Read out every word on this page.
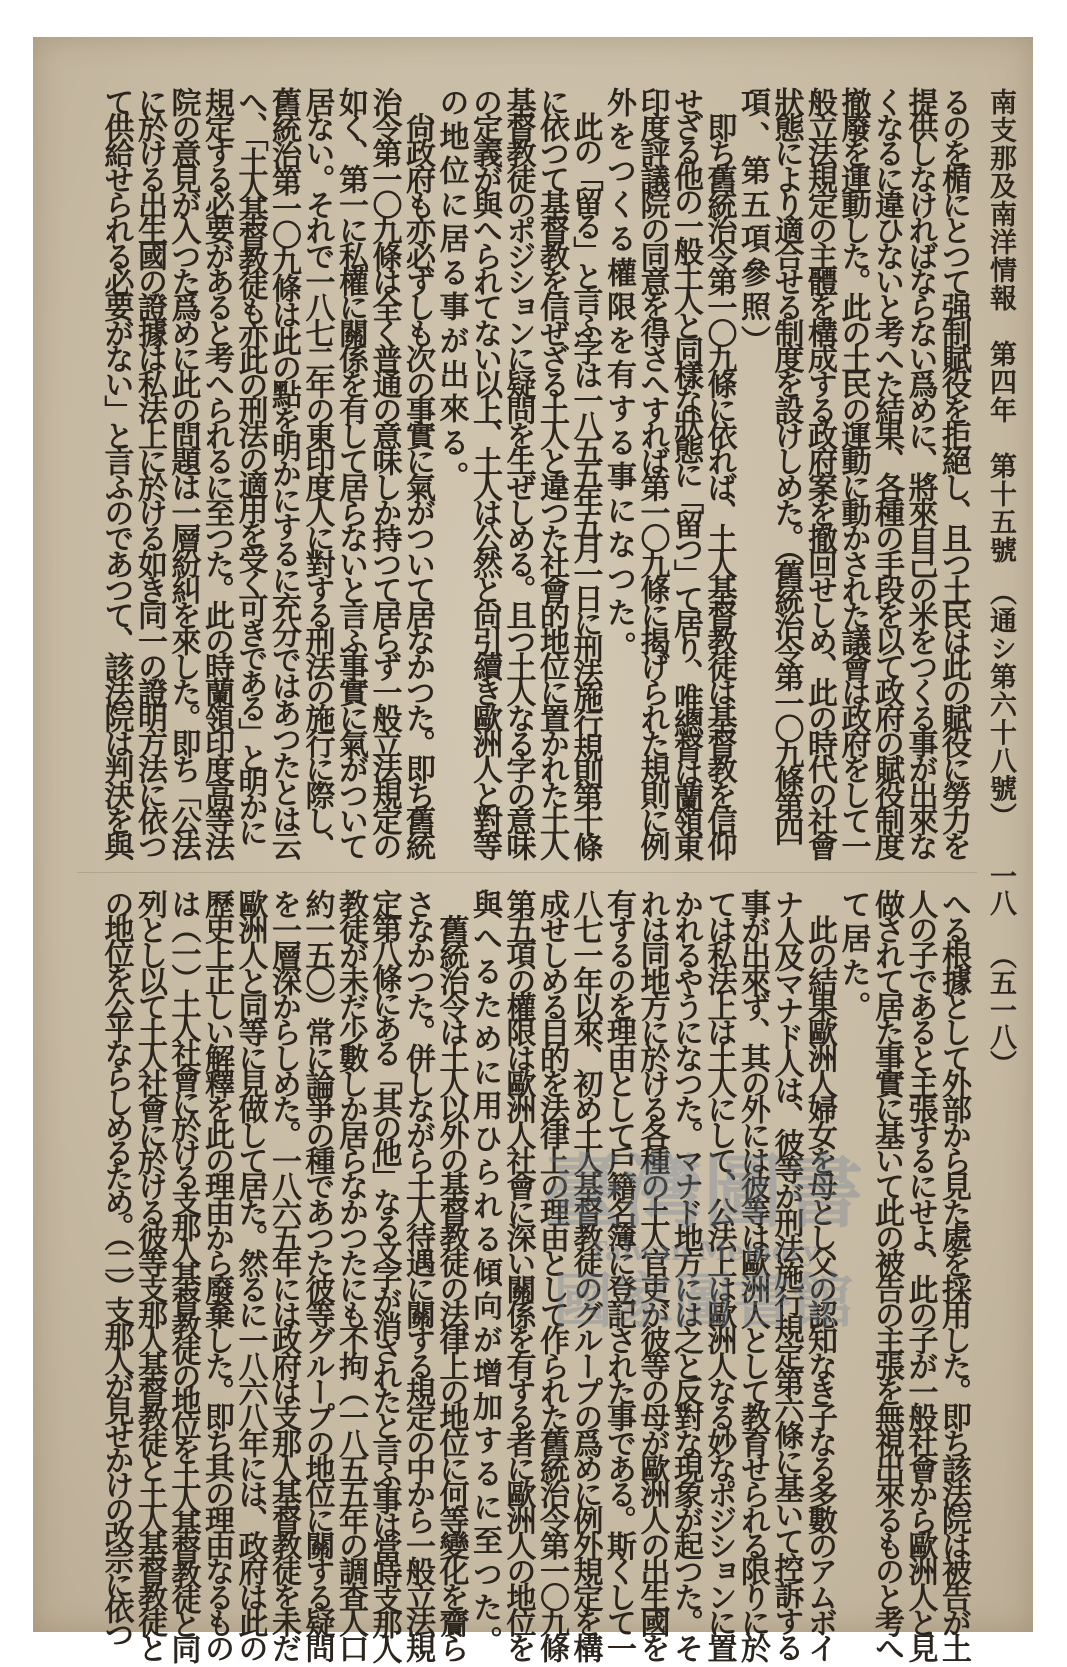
南支那及南洋情報　第四年　第十五號　（通シ第六十八號）
一八
（五一八）
るのを楯にとつて强制賦役を拒絕し、且つ土民は此の賦役に勞力を
提供しなければならない爲めに、將來自己の米をつくる事が出來な
くなるに違ひないと考へた結果、各種の手段を以て政府の賦役制度
撤廢を運動した。此の土民の運動に動かされた議會は政府をして一
般立法規定の主體を構成する政府案を撤回せしめ、此の時代の社會
狀態により適合せる制度を設けしめた。（舊統治令第一〇九條第四
項、第五項參照）
　即ち舊統治令第一〇九條に依れば、土人基督教徒は基督教を信仰
せざる他の一般土人と同樣な狀態に「留つ」て居り、唯總督は蘭領東
印度評議院の同意を得さへすれば第一〇九條に揭げられた規則に例
外をつくる權限を有する事になつた。
　此の「留る」と言ふ字は一八五五年五月一日に刑法施行規則第十條
に依つて基督教を信ぜざる土人と違つた社會的地位に置かれた土人
基督教徒のポジションに疑問を生ぜしめる。且つ土人なる字の意味
の定義が與へられてない以上、土人は公然と尙引續き歐洲人と對等
の地位に居る事が出來る。
　尙政府も亦必ずしも次の事實に氣がついて居なかつた。即ち舊統
治令第一〇九條は全く普通の意味しか持つて居らず一般立法規定の
如く、第一に私權に關係を有して居らないと言ふ事實に氣がついて
居ない。それで一八七二年の東印度人に對する刑法の施行に際し、
舊統治第一〇九條は此の點を明かにするに充分ではあつたとは云
へ、「土人基督教徒も亦此の刑法の適用を受く可きである」と明かに
規定する必要があると考へられるに至つた。此の時蘭領印度高等法
院の意見が入つた爲めに此の問題は一層紛糾を來した。即ち「公法
に於ける出生國の證據は私法上に於ける如き同一の證明方法に依つ
て供給せられる必要がない」と言ふのであつて、該法院は判決を與
へる根據として外部から見た處を採用した。即ち該法院は被告が土
人の子であると主張するにせよ、此の子が一般社會から歐洲人と見
做されて居た事實に基いて此の被告の主張を無視出來るものと考へ
て居た。
　此の結果歐洲人婦女を母とし父の認知なき子なる多數のアムボイ
ナ人及マナド人は、彼等が刑法施行規定第六條に基いて控訴する
事が出來ず、其の外には彼等は歐洲人として教育せられる限りに於
ては私法上は土人にして、公法上は歐洲人なる妙なポジションに置
かれるやうになつた。マナド地方には之と反對な現象が起つた。そ
れは同地方に於ける各種の土人官吏が彼等の母が歐洲人の出生國を
有するのを理由として戶籍名簿に登記された事である。斯くして一
八七一年以來、初め土人基督教徒のグループの爲めに例外規定を構
成せしめる目的を法律上の理由として作られた舊統治令第一〇九條
第五項の權限は歐洲人社會に深い關係を有する者に歐洲人の地位を
與へるために用ひられる傾向が增加するに至つた。
　舊統治令は土人以外の基督教徒の法律上の地位に何等變化を齎ら
さなかつた。併しながら土人待遇に關する規定の中から一般立法規
定第八條にある「其の他」なる文字が消されたと言ふ事は當時支那人
教徒が未だ少數しか居らなかつたにも不拘（一八五五年の調査人口
約一五〇）常に論爭の種であつた彼等グループの地位に關する疑問
を一層深からしめた。一八六五年には政府は支那人基督教徒を未だ
歐洲人と同等に見做して居た。然るに一八六八年には、政府は此の
歷史上正しい解釋を此の理由から廢棄した。即ち其の理由なるもの
は（一）土人社會に於ける支那人基督教徒の地位を土人基督教徒と同
列とし以て土人社會に於ける彼等支那人基督教徒と土人基督教徒と
の地位を公平ならしめるため。（二）支那人が見せかけの改宗に依つ	臺灣圖書
Taiwan Memory
國家圖書館
